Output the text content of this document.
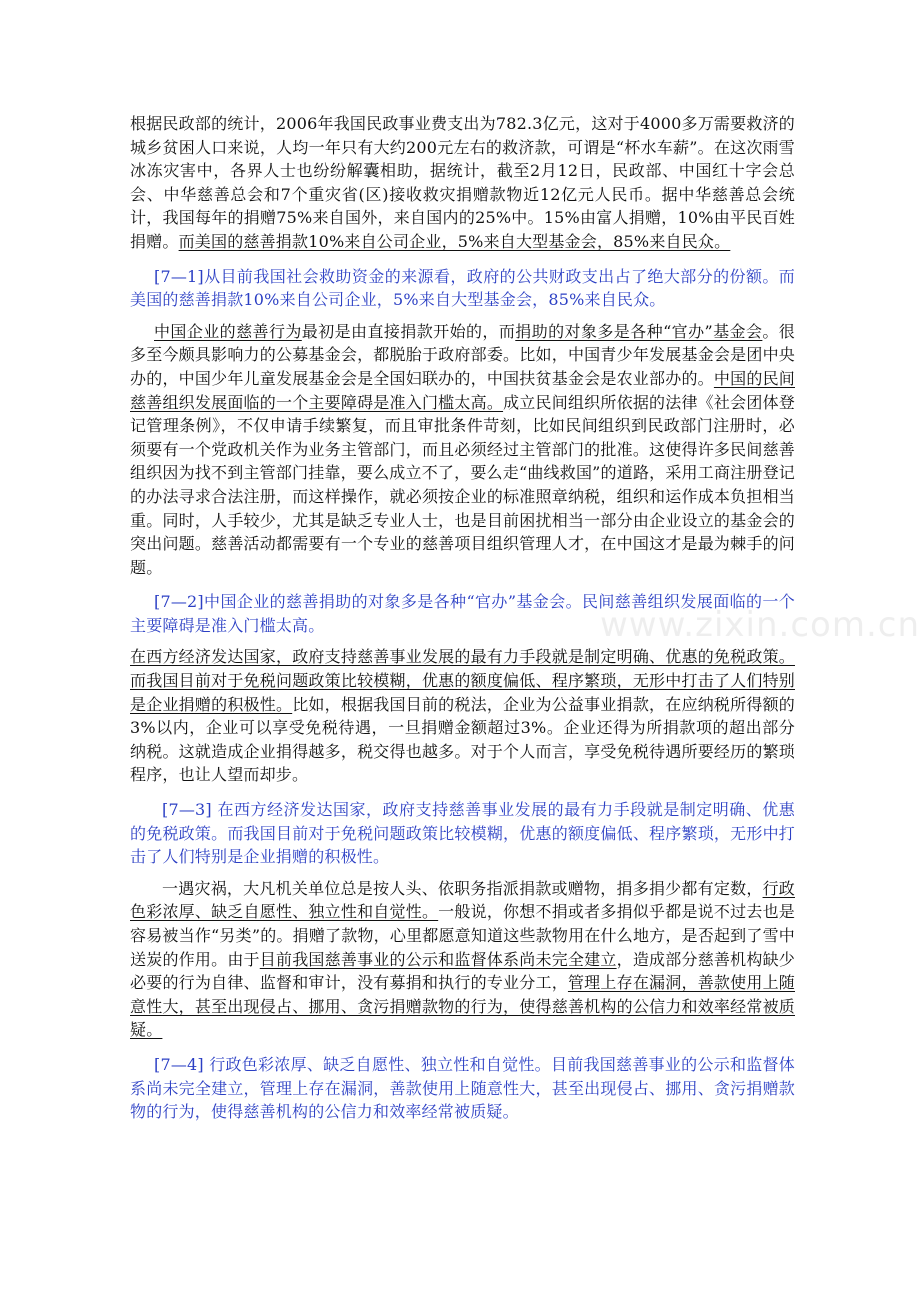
www.zixin.com.cn

根据民政部的统计，2006年我国民政事业费支出为782.3亿元，这对于4000多万需要救济的城乡贫困人口来说，人均一年只有大约200元左右的救济款，可谓是“杯水车薪”。在这次雨雪冰冻灾害中，各界人士也纷纷解囊相助，据统计，截至2月12日，民政部、中国红十字会总会、中华慈善总会和7个重灾省(区)接收救灾捐赠款物近12亿元人民币。据中华慈善总会统计，我国每年的捐赠75%来自国外，来自国内的25%中。15%由富人捐赠，10%由平民百姓捐赠。而美国的慈善捐款10%来自公司企业，5%来自大型基金会，85%来自民众。

[7—1]从目前我国社会救助资金的来源看，政府的公共财政支出占了绝大部分的份额。而美国的慈善捐款10%来自公司企业，5%来自大型基金会，85%来自民众。

中国企业的慈善行为最初是由直接捐款开始的，而捐助的对象多是各种“官办”基金会。很多至今颇具影响力的公募基金会，都脱胎于政府部委。比如，中国青少年发展基金会是团中央办的，中国少年儿童发展基金会是全国妇联办的，中国扶贫基金会是农业部办的。中国的民间慈善组织发展面临的一个主要障碍是准入门槛太高。成立民间组织所依据的法律《社会团体登记管理条例》，不仅申请手续繁复，而且审批条件苛刻，比如民间组织到民政部门注册时，必须要有一个党政机关作为业务主管部门，而且必须经过主管部门的批准。这使得许多民间慈善组织因为找不到主管部门挂靠，要么成立不了，要么走“曲线救国”的道路，采用工商注册登记的办法寻求合法注册，而这样操作，就必须按企业的标准照章纳税，组织和运作成本负担相当重。同时，人手较少，尤其是缺乏专业人士，也是目前困扰相当一部分由企业设立的基金会的突出问题。慈善活动都需要有一个专业的慈善项目组织管理人才，在中国这才是最为棘手的问题。

[7—2]中国企业的慈善捐助的对象多是各种“官办”基金会。民间慈善组织发展面临的一个主要障碍是准入门槛太高。

在西方经济发达国家，政府支持慈善事业发展的最有力手段就是制定明确、优惠的免税政策。而我国目前对于免税问题政策比较模糊，优惠的额度偏低、程序繁琐，无形中打击了人们特别是企业捐赠的积极性。比如，根据我国目前的税法，企业为公益事业捐款，在应纳税所得额的3%以内，企业可以享受免税待遇，一旦捐赠金额超过3%。企业还得为所捐款项的超出部分纳税。这就造成企业捐得越多，税交得也越多。对于个人而言，享受免税待遇所要经历的繁琐程序，也让人望而却步。

[7—3] 在西方经济发达国家，政府支持慈善事业发展的最有力手段就是制定明确、优惠的免税政策。而我国目前对于免税问题政策比较模糊，优惠的额度偏低、程序繁琐，无形中打击了人们特别是企业捐赠的积极性。

一遇灾祸，大凡机关单位总是按人头、依职务指派捐款或赠物，捐多捐少都有定数，行政色彩浓厚、缺乏自愿性、独立性和自觉性。一般说，你想不捐或者多捐似乎都是说不过去也是容易被当作“另类”的。捐赠了款物，心里都愿意知道这些款物用在什么地方，是否起到了雪中送炭的作用。由于目前我国慈善事业的公示和监督体系尚未完全建立，造成部分慈善机构缺少必要的行为自律、监督和审计，没有募捐和执行的专业分工，管理上存在漏洞，善款使用上随意性大，甚至出现侵占、挪用、贪污捐赠款物的行为，使得慈善机构的公信力和效率经常被质疑。

[7—4] 行政色彩浓厚、缺乏自愿性、独立性和自觉性。目前我国慈善事业的公示和监督体系尚未完全建立，管理上存在漏洞，善款使用上随意性大，甚至出现侵占、挪用、贪污捐赠款物的行为，使得慈善机构的公信力和效率经常被质疑。
